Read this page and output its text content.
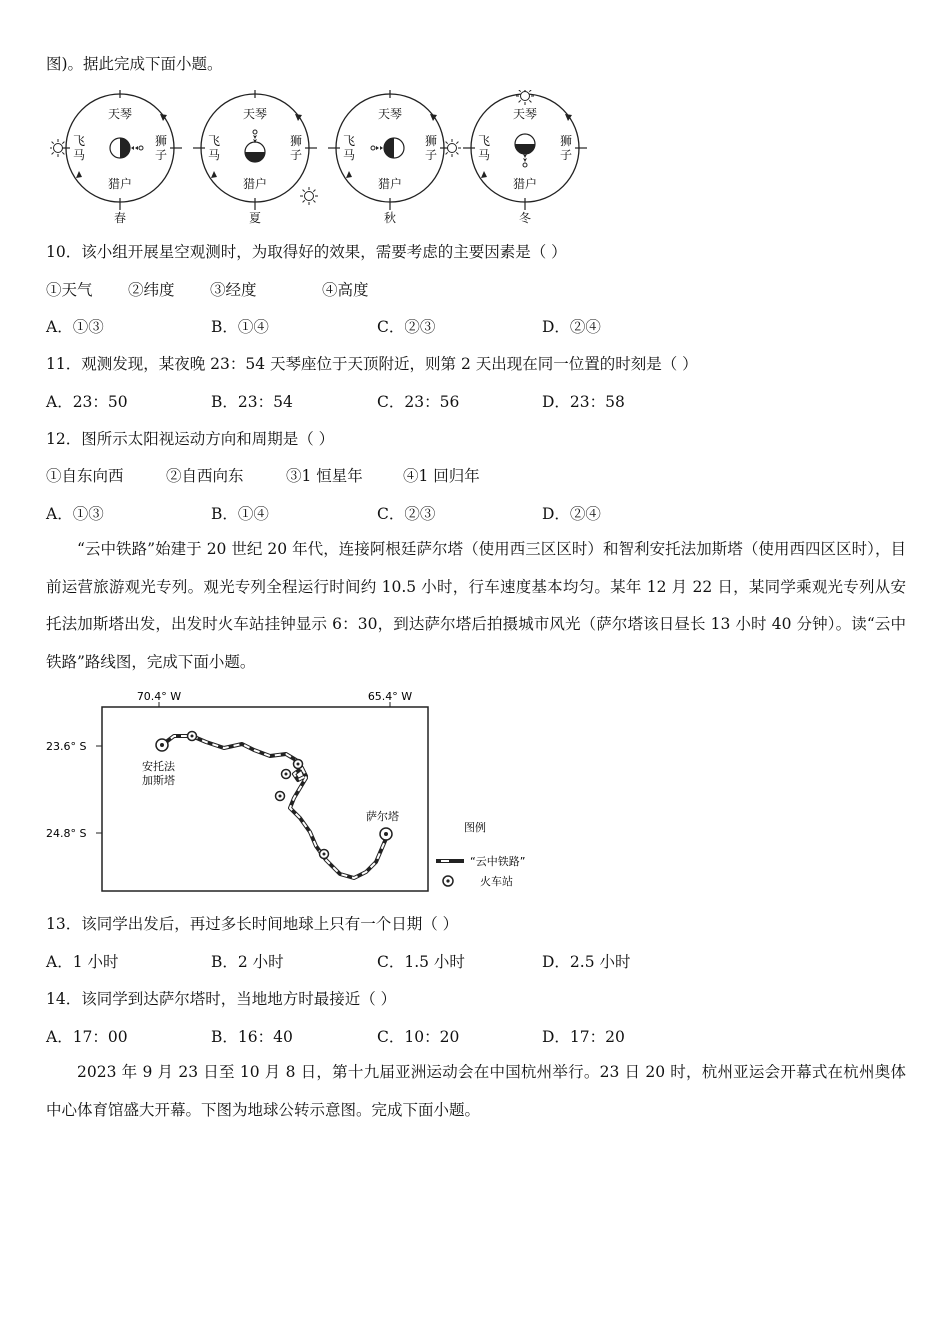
图)。据此完成下面小题。
天琴
猎户
春
天琴
猎户
夏
天琴
猎户
秋
天琴
猎户
冬
飞马
狮子
飞马
狮子
飞马
狮子
飞马
狮子
10．该小组开展星空观测时，为取得好的效果，需要考虑的主要因素是（ ）
①天气 ②纬度 ③经度	④高度
A．①③	B．①④	C．②③	D．②④
11．观测发现，某夜晚 23：54 天琴座位于天顶附近，则第 2 天出现在同一位置的时刻是（ ）
A．23：50	B．23：54	C．23：56	D．23：58
12．图所示太阳视运动方向和周期是（ ）
①自东向西	②自西向东	③1 恒星年	④1 回归年
A．①③	B．①④	C．②③	D．②④
“云中铁路”始建于 20 世纪 20 年代，连接阿根廷萨尔塔（使用西三区区时）和智利安托法加斯塔（使用西四区区时），目前运营旅游观光专列。观光专列全程运行时间约 10.5 小时，行车速度基本均匀。某年 12 月 22 日，某同学乘观光专列从安托法加斯塔出发，出发时火车站挂钟显示 6：30，到达萨尔塔后拍摄城市风光（萨尔塔该日昼长 13 小时 40 分钟）。读“云中铁路”路线图，完成下面小题。
70.4° W	65.4° W
23.6° S
24.8° S
安托法
加斯塔
萨尔塔
图例
“云中铁路”
火车站
13．该同学出发后，再过多长时间地球上只有一个日期（ ）
A．1 小时	B．2 小时	C．1.5 小时	D．2.5 小时
14．该同学到达萨尔塔时，当地地方时最接近（ ）
A．17：00	B．16：40	C．10：20	D．17：20
2023 年 9 月 23 日至 10 月 8 日，第十九届亚洲运动会在中国杭州举行。23 日 20 时，杭州亚运会开幕式在杭州奥体中心体育馆盛大开幕。下图为地球公转示意图。完成下面小题。
